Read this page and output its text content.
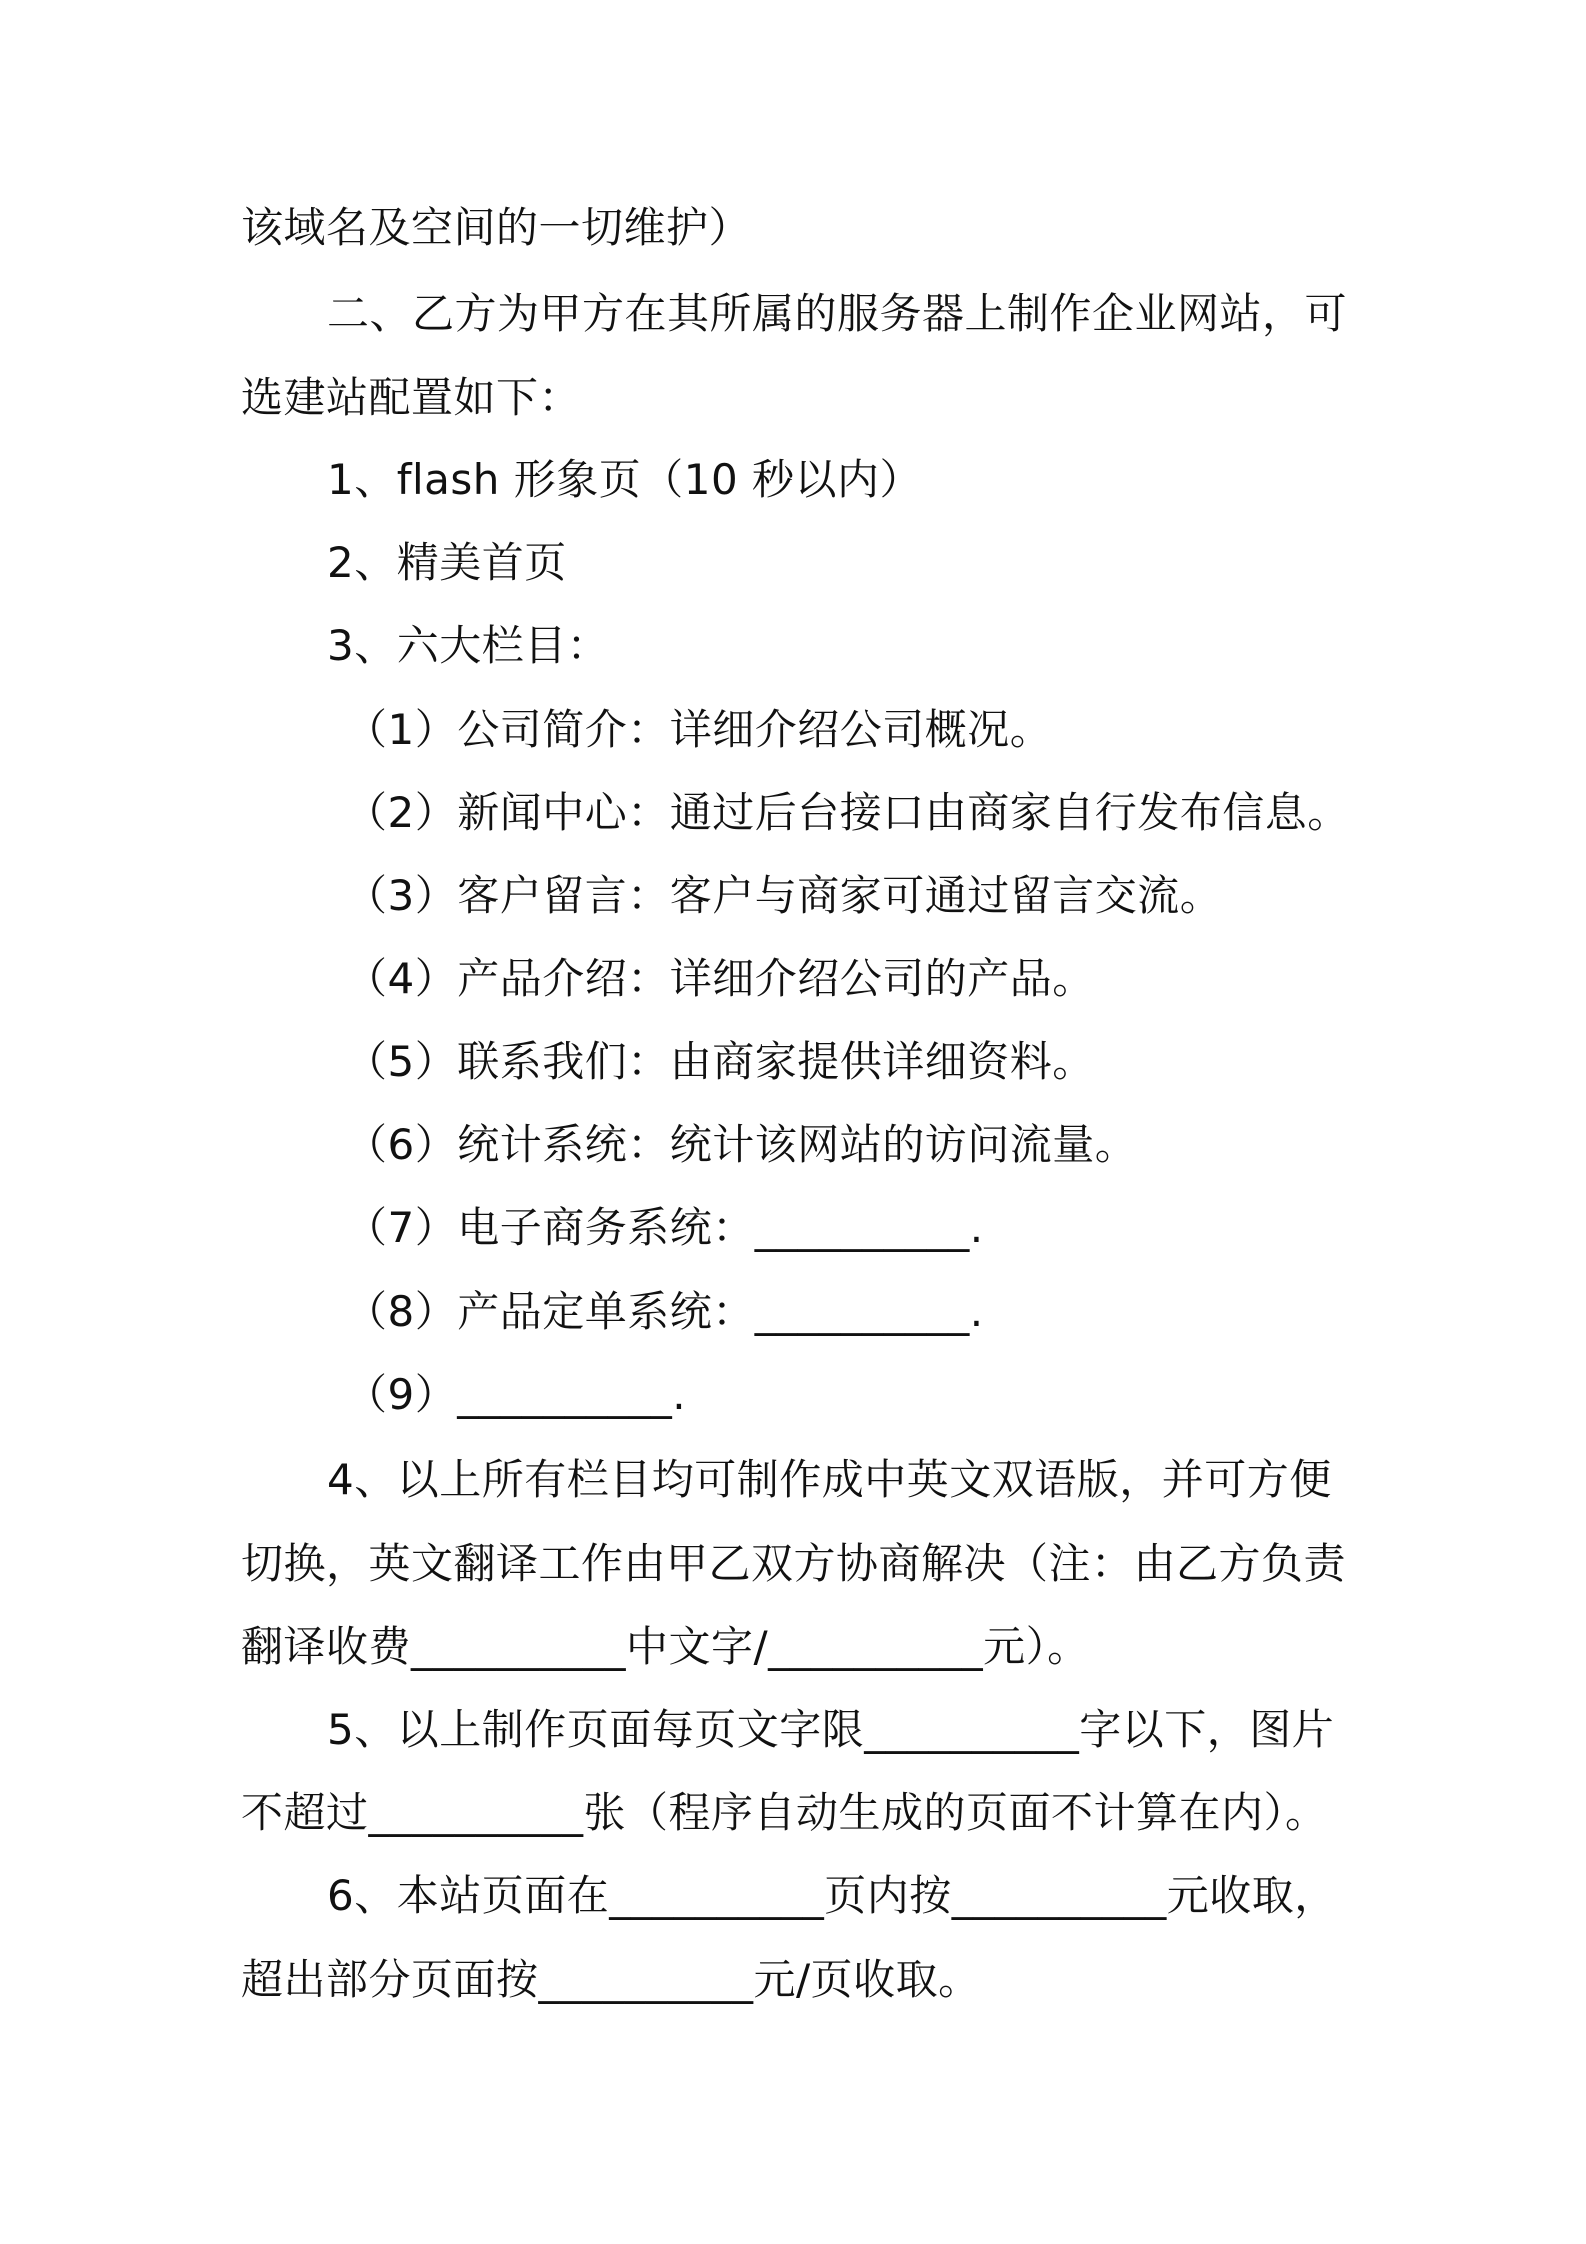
该域名及空间的一切维护）
二、乙方为甲方在其所属的服务器上制作企业网站，可
选建站配置如下：
1、flash 形象页（10 秒以内）
2、精美首页
3、六大栏目：
（1）公司简介：详细介绍公司概况。
（2）新闻中心：通过后台接口由商家自行发布信息。
（3）客户留言：客户与商家可通过留言交流。
（4）产品介绍：详细介绍公司的产品。
（5）联系我们：由商家提供详细资料。
（6）统计系统：统计该网站的访问流量。
（7）电子商务系统：__________.
（8）产品定单系统：__________.
（9）__________.
4、以上所有栏目均可制作成中英文双语版，并可方便
切换，英文翻译工作由甲乙双方协商解决（注：由乙方负责
翻译收费__________中文字/__________元）。
5、以上制作页面每页文字限__________字以下，图片
不超过__________张（程序自动生成的页面不计算在内）。
6、本站页面在__________页内按__________元收取，
超出部分页面按__________元/页收取。
